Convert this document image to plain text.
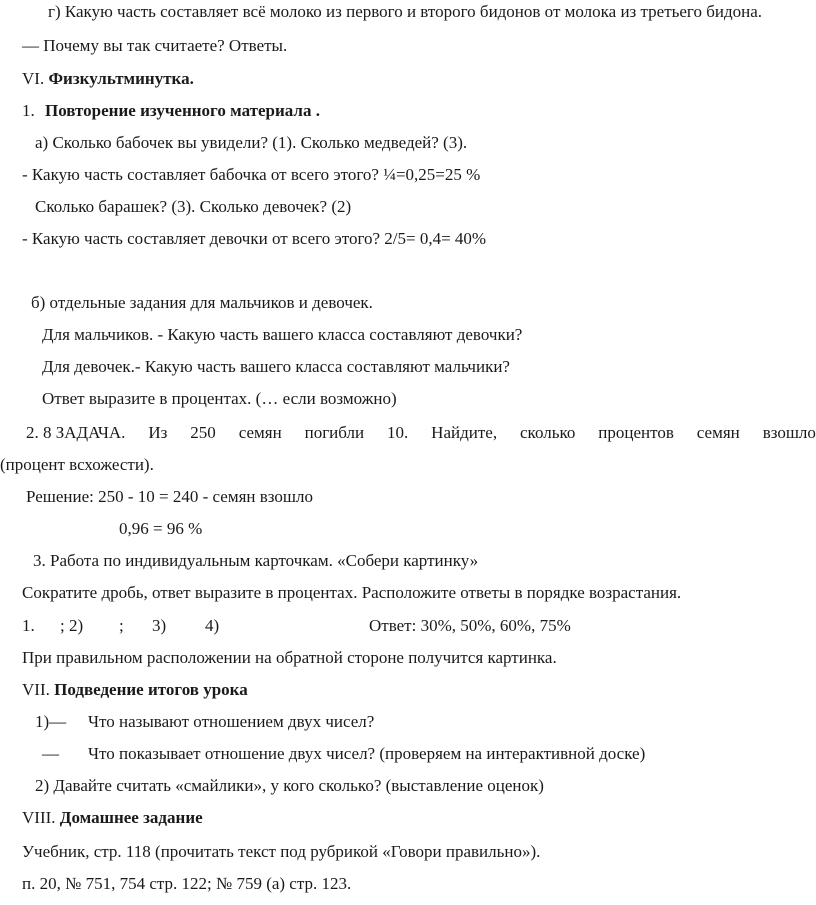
г) Какую часть составляет всё молоко из первого и второго бидонов от молока из третьего бидона.
— Почему вы так считаете? Ответы.
VI. Физкультминутка.
1. Повторение изученного материала .
а) Сколько бабочек вы увидели? (1). Сколько медведей? (3).
- Какую часть составляет бабочка от всего этого? ¼=0,25=25 %
Сколько барашек? (3). Сколько девочек? (2)
- Какую часть составляет девочки от всего этого? 2/5= 0,4= 40%
б) отдельные задания для мальчиков и девочек.
Для мальчиков. - Какую часть вашего класса составляют девочки?
Для девочек.- Какую часть вашего класса составляют мальчики?
Ответ выразите в процентах. (… если возможно)
2. 8 ЗАДАЧА. Из 250 семян погибли 10. Найдите, сколько процентов семян взошло
(процент всхожести).
Решение: 250 - 10 = 240 - семян взошло
0,96 = 96 %
3. Работа по индивидуальным карточкам. «Собери картинку»
Сократите дробь, ответ выразите в процентах. Расположите ответы в порядке возрастания.
1. ; 2) ; 3) 4)	Ответ: 30%, 50%, 60%, 75%
При правильном расположении на обратной стороне получится картинка.
VII. Подведение итогов урока
1)— Что называют отношением двух чисел?
— Что показывает отношение двух чисел? (проверяем на интерактивной доске)
2) Давайте считать «смайлики», у кого сколько? (выставление оценок)
VIII. Домашнее задание
Учебник, стр. 118 (прочитать текст под рубрикой «Говори правильно»).
п. 20, № 751, 754 стр. 122; № 759 (а) стр. 123.
